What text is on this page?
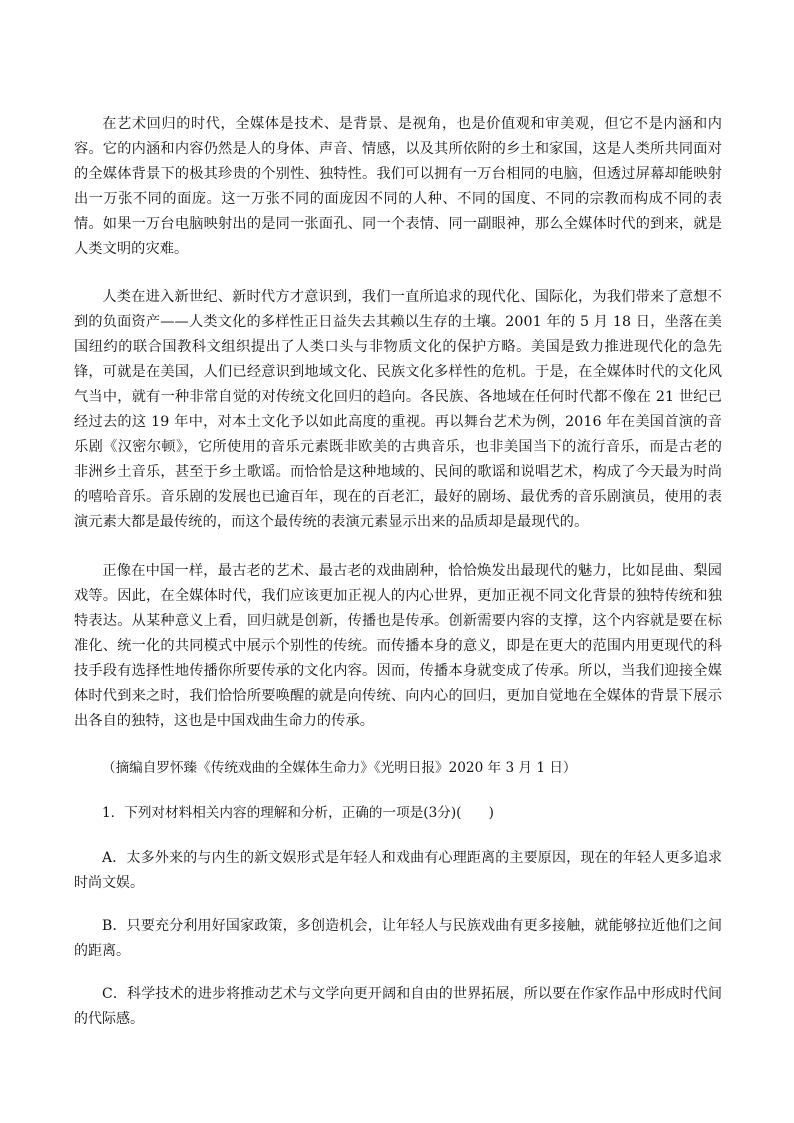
在艺术回归的时代，全媒体是技术、是背景、是视角，也是价值观和审美观，但它不是内涵和内容。它的内涵和内容仍然是人的身体、声音、情感，以及其所依附的乡土和家国，这是人类所共同面对的全媒体背景下的极其珍贵的个别性、独特性。我们可以拥有一万台相同的电脑，但透过屏幕却能映射出一万张不同的面庞。这一万张不同的面庞因不同的人种、不同的国度、不同的宗教而构成不同的表情。如果一万台电脑映射出的是同一张面孔、同一个表情、同一副眼神，那么全媒体时代的到来，就是人类文明的灾难。

人类在进入新世纪、新时代方才意识到，我们一直所追求的现代化、国际化，为我们带来了意想不到的负面资产——人类文化的多样性正日益失去其赖以生存的土壤。2001 年的 5 月 18 日，坐落在美国纽约的联合国教科文组织提出了人类口头与非物质文化的保护方略。美国是致力推进现代化的急先锋，可就是在美国，人们已经意识到地域文化、民族文化多样性的危机。于是，在全媒体时代的文化风气当中，就有一种非常自觉的对传统文化回归的趋向。各民族、各地域在任何时代都不像在 21 世纪已经过去的这 19 年中，对本土文化予以如此高度的重视。再以舞台艺术为例，2016 年在美国首演的音乐剧《汉密尔顿》，它所使用的音乐元素既非欧美的古典音乐，也非美国当下的流行音乐，而是古老的非洲乡土音乐，甚至于乡土歌谣。而恰恰是这种地域的、民间的歌谣和说唱艺术，构成了今天最为时尚的嘻哈音乐。音乐剧的发展也已逾百年，现在的百老汇，最好的剧场、最优秀的音乐剧演员，使用的表演元素大都是最传统的，而这个最传统的表演元素显示出来的品质却是最现代的。

正像在中国一样，最古老的艺术、最古老的戏曲剧种，恰恰焕发出最现代的魅力，比如昆曲、梨园戏等。因此，在全媒体时代，我们应该更加正视人的内心世界，更加正视不同文化背景的独特传统和独特表达。从某种意义上看，回归就是创新，传播也是传承。创新需要内容的支撑，这个内容就是要在标准化、统一化的共同模式中展示个别性的传统。而传播本身的意义，即是在更大的范围内用更现代的科技手段有选择性地传播你所要传承的文化内容。因而，传播本身就变成了传承。所以，当我们迎接全媒体时代到来之时，我们恰恰所要唤醒的就是向传统、向内心的回归，更加自觉地在全媒体的背景下展示出各自的独特，这也是中国戏曲生命力的传承。

（摘编自罗怀臻《传统戏曲的全媒体生命力》《光明日报》2020 年 3 月 1 日）

1．下列对材料相关内容的理解和分析，正确的一项是(3分)(　　)

A．太多外来的与内生的新文娱形式是年轻人和戏曲有心理距离的主要原因，现在的年轻人更多追求时尚文娱。

B．只要充分利用好国家政策，多创造机会，让年轻人与民族戏曲有更多接触，就能够拉近他们之间的距离。

C．科学技术的进步将推动艺术与文学向更开阔和自由的世界拓展，所以要在作家作品中形成时代间的代际感。
